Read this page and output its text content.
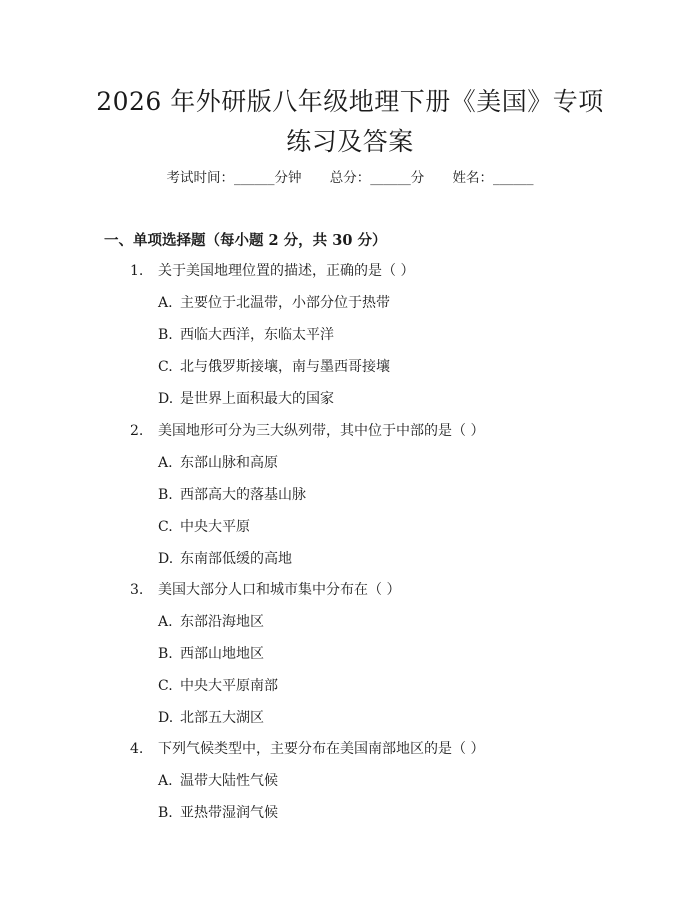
2026 年外研版八年级地理下册《美国》专项
练习及答案
考试时间：______分钟 总分：______分 姓名：______
一、单项选择题（每小题 2 分，共 30 分）
1. 关于美国地理位置的描述，正确的是（ ）
A. 主要位于北温带，小部分位于热带
B. 西临大西洋，东临太平洋
C. 北与俄罗斯接壤，南与墨西哥接壤
D. 是世界上面积最大的国家
2. 美国地形可分为三大纵列带，其中位于中部的是（ ）
A. 东部山脉和高原
B. 西部高大的落基山脉
C. 中央大平原
D. 东南部低缓的高地
3. 美国大部分人口和城市集中分布在（ ）
A. 东部沿海地区
B. 西部山地地区
C. 中央大平原南部
D. 北部五大湖区
4. 下列气候类型中，主要分布在美国南部地区的是（ ）
A. 温带大陆性气候
B. 亚热带湿润气候
